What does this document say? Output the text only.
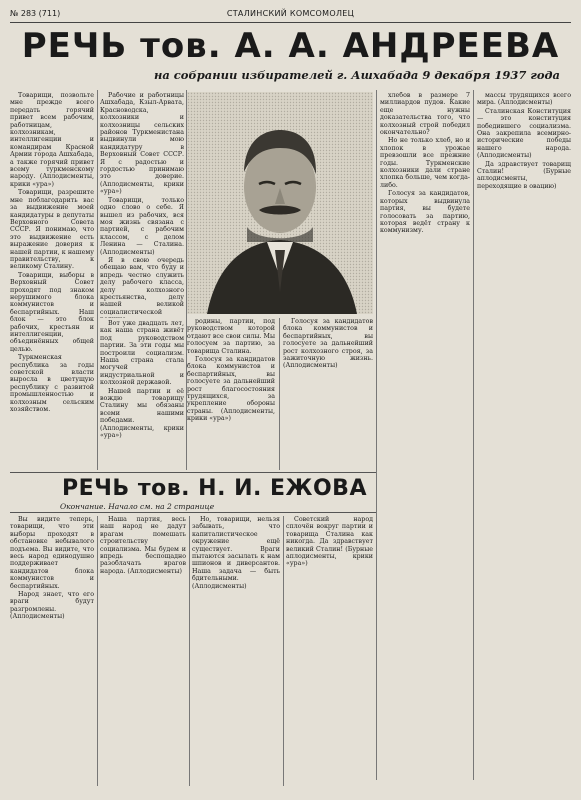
№ 283 (711)	СТАЛИНСКИЙ КОМСОМОЛЕЦ
РЕЧЬ тов. А. А. АНДРЕЕВА
на собрании избирателей г. Ашхабада 9 декабря 1937 года

Товарищи, позвольте мне прежде всего передать горячий привет всем рабочим, работницам, колхозникам, интеллигенции и командирам Красной Армии города Ашхабада, а также горячий привет всему туркменскому народу. (Аплодисменты, крики «ура»)

Товарищи, разрешите мне поблагодарить вас за выдвижение моей кандидатуры в депутаты Верховного Совета СССР. Я понимаю, что это выдвижение есть выражение доверия к нашей партии, к нашему правительству, к великому Сталину.

Товарищи, выборы в Верховный Совет проходят под знаком нерушимого блока коммунистов и беспартийных. Наш блок — это блок рабочих, крестьян и интеллигенции, объединённых общей целью.

Туркменская республика за годы советской власти выросла в цветущую республику с развитой промышленностью и колхозным сельским хозяйством.

Рабочие и работницы Ашхабада, Кзыл-Арвата, Красноводска, колхозники и колхозницы сельских районов Туркменистана выдвинули мою кандидатуру в Верховный Совет СССР. Я с радостью и гордостью принимаю это доверие. (Аплодисменты, крики «ура»)

Товарищи, только одно слово о себе. Я вышел из рабочих, вся моя жизнь связана с партией, с рабочим классом, с делом Ленина — Сталина. (Аплодисменты)

Я в свою очередь обещаю вам, что буду и впредь честно служить делу рабочего класса, делу колхозного крестьянства, делу нашей великой социалистической

Вот уже двадцать лет, как наша страна живёт под руководством партии. За эти годы мы построили социализм. Наша страна стала могучей индустриальной и колхозной державой.

Нашей партии и её вождю товарищу Сталину мы обязаны всеми нашими победами. (Аплодисменты, крики «ура»)

родины, партии, под руководством которой отдают все свои силы. Мы голосуем за партию, за товарища Сталина.

Голосуя за кандидатов блока коммунистов и беспартийных, вы голосуете за дальнейший рост благосостояния трудящихся, за укрепление обороны страны. (Аплодисменты, крики «ура»)

Голосуя за кандидатов блока коммунистов и беспартийных, вы голосуете за дальнейший рост колхозного строя, за зажиточную жизнь. (Аплодисменты)

хлебов в размере 7 миллиардов пудов. Какие еще нужны доказательства того, что колхозный строй победил окончательно?

Но не только хлеб, но и хлопок в урожае превзошли все прежние годы. Туркменские колхозники дали стране хлопка больше, чем когда-либо.

Голосуя за кандидатов, которых выдвинула партия, вы будете голосовать за партию, которая ведёт страну к коммунизму.

массы трудящихся всего мира. (Аплодисменты)

Сталинская Конституция — это конституция победившего социализма. Она закрепила всемирно-исторические победы нашего народа. (Аплодисменты)

Да здравствует товарищ Сталин! (Бурные аплодисменты, переходящие в овацию)

РЕЧЬ тов. Н. И. ЕЖОВА
Окончание. Начало см. на 2 странице

Вы видите теперь, товарищи, что эти выборы проходят в обстановке небывалого подъема. Вы видите, что весь народ единодушно поддерживает кандидатов блока коммунистов и беспартийных.

Народ знает, что его враги будут разгромлены. (Аплодисменты)

Наша партия, весь наш народ не дадут врагам помешать строительству социализма. Мы будем и впредь беспощадно разоблачать врагов народа. (Аплодисменты)

Но, товарищи, нельзя забывать, что капиталистическое окружение ещё существует. Враги пытаются засылать к нам шпионов и диверсантов. Наша задача — быть бдительными. (Аплодисменты)

Советский народ сплочён вокруг партии и товарища Сталина как никогда. Да здравствует великий Сталин! (Бурные аплодисменты, крики «ура»)
